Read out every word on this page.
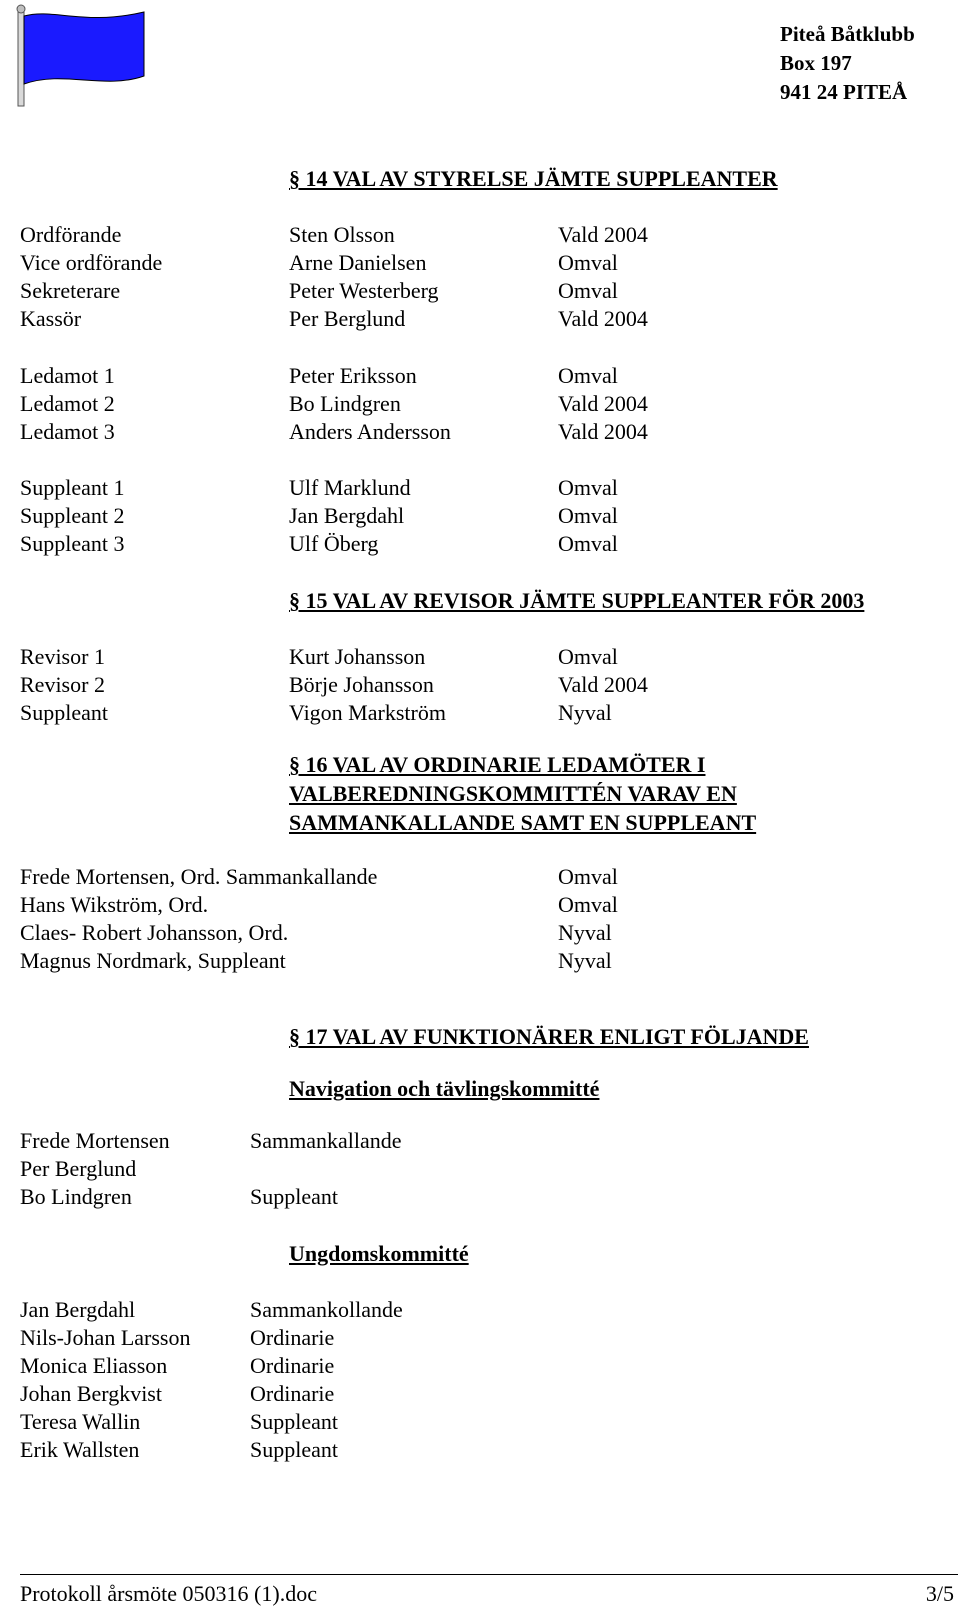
Piteå Båtklubb
Box 197
941 24 PITEÅ
§ 14 VAL AV STYRELSE JÄMTE SUPPLEANTER
Ordförande	Sten Olsson	Vald 2004
Vice ordförande	Arne Danielsen	Omval
Sekreterare	Peter Westerberg	Omval
Kassör	Per Berglund	Vald 2004
Ledamot 1	Peter Eriksson	Omval
Ledamot 2	Bo Lindgren	Vald 2004
Ledamot 3	Anders Andersson	Vald 2004
Suppleant 1	Ulf Marklund	Omval
Suppleant 2	Jan Bergdahl	Omval
Suppleant 3	Ulf Öberg	Omval
§ 15 VAL AV REVISOR JÄMTE SUPPLEANTER FÖR 2003
Revisor 1	Kurt Johansson	Omval
Revisor 2	Börje Johansson	Vald 2004
Suppleant	Vigon Markström	Nyval
§ 16 VAL AV ORDINARIE LEDAMÖTER I
VALBEREDNINGSKOMMITTÉN VARAV EN
SAMMANKALLANDE SAMT EN SUPPLEANT
Frede Mortensen, Ord. Sammankallande	Omval
Hans Wikström, Ord.	Omval
Claes- Robert Johansson, Ord.	Nyval
Magnus Nordmark, Suppleant	Nyval
§ 17 VAL AV FUNKTIONÄRER ENLIGT FÖLJANDE
Navigation och tävlingskommitté
Frede Mortensen	Sammankallande
Per Berglund
Bo Lindgren	Suppleant
Ungdomskommitté
Jan Bergdahl	Sammankollande
Nils-Johan Larsson	Ordinarie
Monica Eliasson	Ordinarie
Johan Bergkvist	Ordinarie
Teresa Wallin	Suppleant
Erik Wallsten	Suppleant
Protokoll årsmöte 050316 (1).doc	3/5
